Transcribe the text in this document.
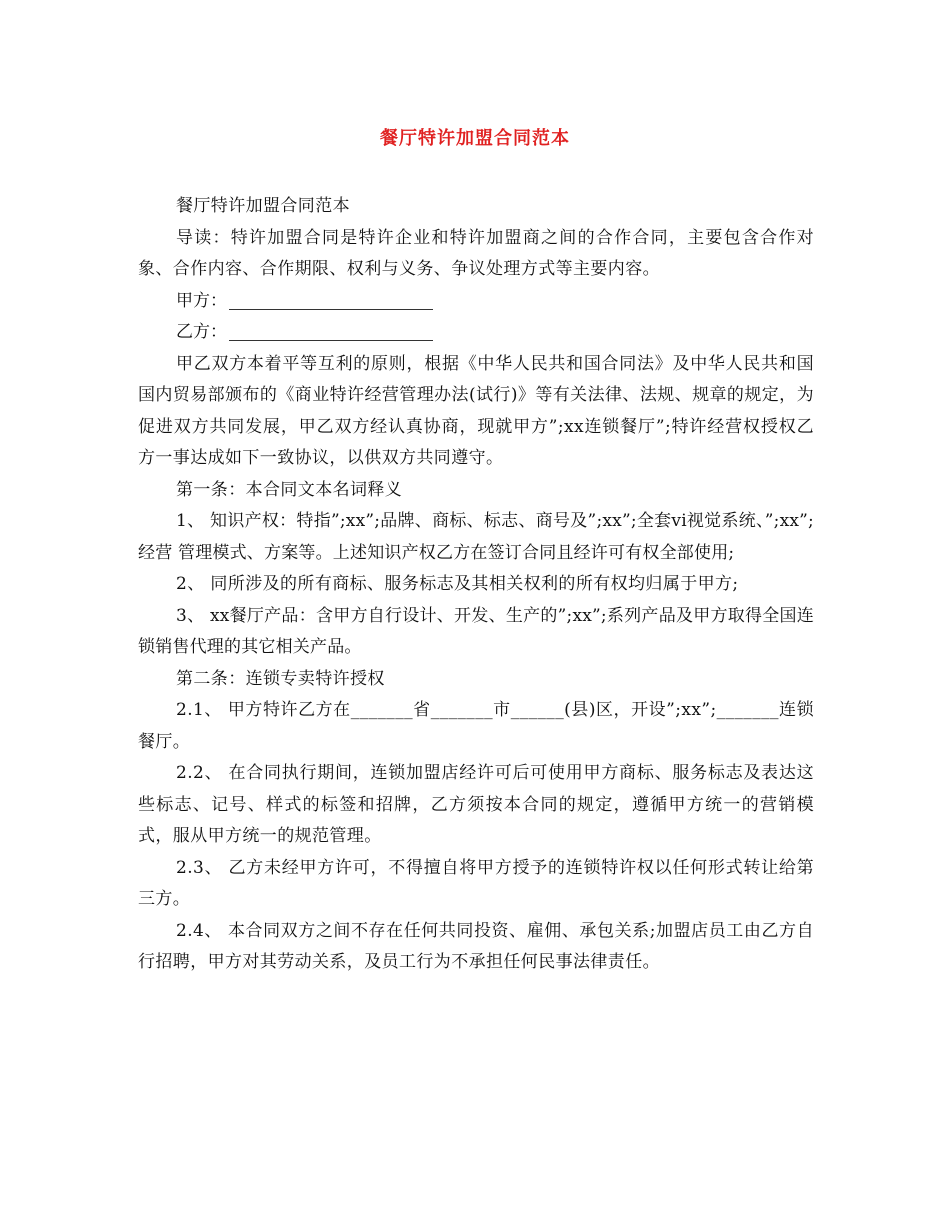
餐厅特许加盟合同范本

餐厅特许加盟合同范本

导读：特许加盟合同是特许企业和特许加盟商之间的合作合同，主要包含合作对象、合作内容、合作期限、权利与义务、争议处理方式等主要内容。

甲方：

乙方：

甲乙双方本着平等互利的原则，根据《中华人民共和国合同法》及中华人民共和国国内贸易部颁布的《商业特许经营管理办法(试行)》等有关法律、法规、规章的规定，为促进双方共同发展，甲乙双方经认真协商，现就甲方”;xx连锁餐厅”;特许经营权授权乙方一事达成如下一致协议，以供双方共同遵守。

第一条：本合同文本名词释义

1、 知识产权：特指”;xx”;品牌、商标、标志、商号及”;xx”;全套vi视觉系统、”;xx”; 经营 管理模式、方案等。上述知识产权乙方在签订合同且经许可有权全部使用;

2、 同所涉及的所有商标、服务标志及其相关权利的所有权均归属于甲方;

3、 xx餐厅产品：含甲方自行设计、开发、生产的”;xx”;系列产品及甲方取得全国连锁销售代理的其它相关产品。

第二条：连锁专卖特许授权

2.1、 甲方特许乙方在_______省_______市______(县)区，开设”;xx”;_______连锁餐厅。

2.2、 在合同执行期间，连锁加盟店经许可后可使用甲方商标、服务标志及表达这些标志、记号、样式的标签和招牌，乙方须按本合同的规定，遵循甲方统一的营销模式，服从甲方统一的规范管理。

2.3、 乙方未经甲方许可，不得擅自将甲方授予的连锁特许权以任何形式转让给第三方。

2.4、 本合同双方之间不存在任何共同投资、雇佣、承包关系;加盟店员工由乙方自行招聘，甲方对其劳动关系，及员工行为不承担任何民事法律责任。
